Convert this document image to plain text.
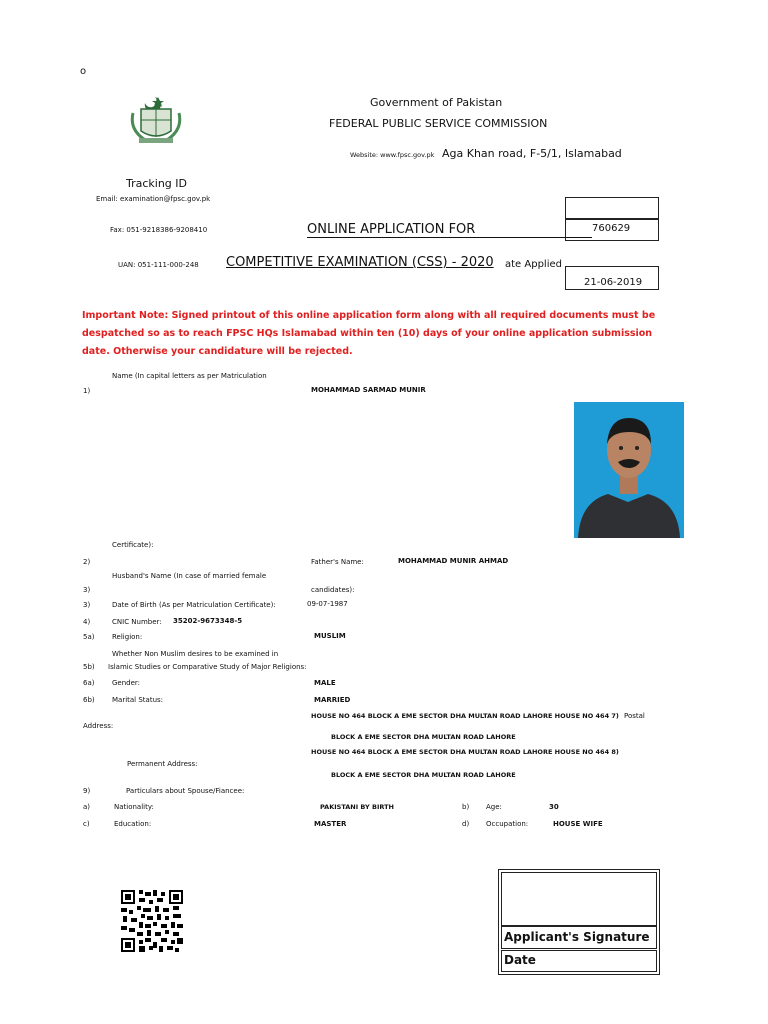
o
Government of Pakistan
FEDERAL PUBLIC SERVICE COMMISSION
Website: www.fpsc.gov.pk Aga Khan road, F-5/1, Islamabad
Tracking ID
Email: examination@fpsc.gov.pk
Fax: 051-9218386-9208410
UAN: 051-111-000-248
ONLINE APPLICATION FOR
COMPETITIVE EXAMINATION (CSS) - 2020 ate Applied
760629
21-06-2019
Important Note: Signed printout of this online application form along with all required documents must be despatched so as to reach FPSC HQs Islamabad within ten (10) days of your online application submission date. Otherwise your candidature will be rejected.
Name (In capital letters as per Matriculation
1)	MOHAMMAD SARMAD MUNIR
Certificate):
2)	Father's Name:	MOHAMMAD MUNIR AHMAD
Husband's Name (In case of married female
3)	candidates):
3)	Date of Birth (As per Matriculation Certificate):	09-07-1987
4)	CNIC Number: 35202-9673348-5
5a)	Religion:	MUSLIM
Whether Non Muslim desires to be examined in
5b) Islamic Studies or Comparative Study of Major Religions:
6a)	Gender:	MALE
6b) Marital Status:	MARRIED
HOUSE NO 464 BLOCK A EME SECTOR DHA MULTAN ROAD LAHORE HOUSE NO 464 7) Postal
Address:
BLOCK A EME SECTOR DHA MULTAN ROAD LAHORE
HOUSE NO 464 BLOCK A EME SECTOR DHA MULTAN ROAD LAHORE HOUSE NO 464 8)
Permanent Address:
BLOCK A EME SECTOR DHA MULTAN ROAD LAHORE
9)	Particulars about Spouse/Fiancee:
a)	Nationality:	PAKISTANI BY BIRTH	b) Age:	30
c)	Education:	MASTER	d) Occupation:	HOUSE WIFE
Applicant's Signature
Date
